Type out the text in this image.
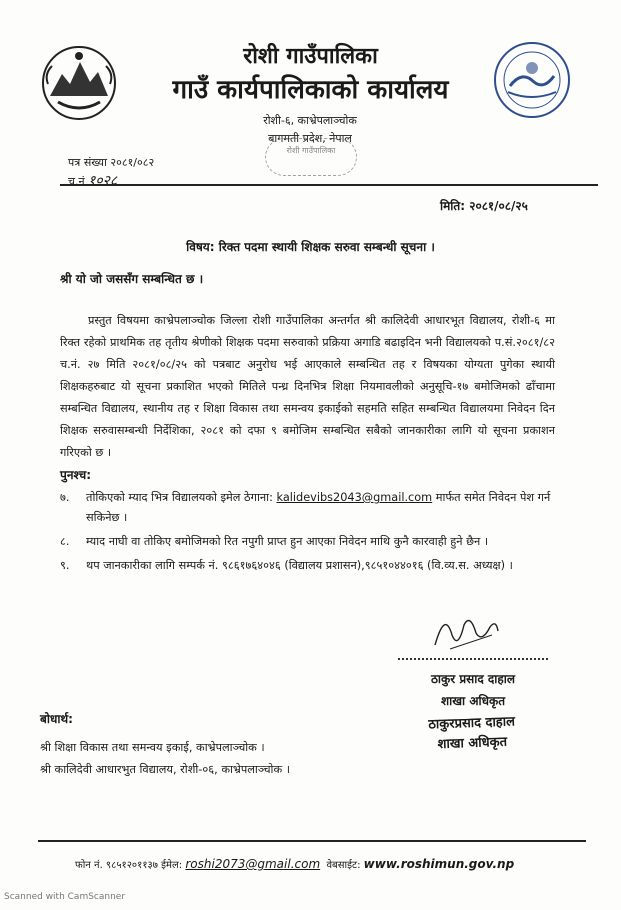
रोशी गाउँपालिका
गाउँ कार्यपालिकाको कार्यालय
रोशी-६, काभ्रेपलाञ्चोक
बागमती प्रदेश, नेपाल
रोशी गाउँपालिका
पत्र संख्या २०८१/०८२
च.नं १०२८
मिति: २०८१/०८/२५
विषय: रिक्त पदमा स्थायी शिक्षक सरुवा सम्बन्धी सूचना ।
श्री यो जो जससँग सम्बन्धित छ ।
प्रस्तुत विषयमा काभ्रेपलाञ्चोक जिल्ला रोशी गाउँपालिका अन्तर्गत श्री कालिदेवी आधारभूत विद्यालय, रोशी-६ मा रिक्त रहेको प्राथमिक तह तृतीय श्रेणीको शिक्षक पदमा सरुवाको प्रक्रिया अगाडि बढाइदिन भनी विद्यालयको प.सं.२०८१/८२ च.नं. २७ मिति २०८१/०८/२५ को पत्रबाट अनुरोध भई आएकाले सम्बन्धित तह र विषयका योग्यता पुगेका स्थायी शिक्षकहरुबाट यो सूचना प्रकाशित भएको मितिले पन्ध्र दिनभित्र शिक्षा नियमावलीको अनुसूचि-१७ बमोजिमको ढाँचामा सम्बन्धित विद्यालय, स्थानीय तह र शिक्षा विकास तथा समन्वय इकाईको सहमति सहित सम्बन्धित विद्यालयमा निवेदन दिन शिक्षक सरुवासम्बन्धी निर्देशिका, २०८१ को दफा ९ बमोजिम सम्बन्धित सबैको जानकारीका लागि यो सूचना प्रकाशन गरिएको छ ।
पुनश्च:
७.	तोकिएको म्याद भित्र विद्यालयको इमेल ठेगाना: kalidevibs2043@gmail.com मार्फत समेत निवेदन पेश गर्न सकिनेछ ।
८.	म्याद नाघी वा तोकिए बमोजिमको रित नपुगी प्राप्त हुन आएका निवेदन माथि कुनै कारवाही हुने छैन ।
९.	थप जानकारीका लागि सम्पर्क नं. ९८६१७६४०४६ (विद्यालय प्रशासन),९८५१०४४०१६ (वि.व्य.स. अध्यक्ष) ।
ठाकुर प्रसाद दाहाल
शाखा अधिकृत
ठाकुरप्रसाद दाहाल
शाखा अधिकृत
बोधार्थ:
श्री शिक्षा विकास तथा समन्वय इकाई, काभ्रेपलाञ्चोक ।
श्री कालिदेवी आधारभुत विद्यालय, रोशी-०६, काभ्रेपलाञ्चोक ।
फोन नं. ९८५१२०११३७ ईमेल: roshi2073@gmail.com वेबसाईट: www.roshimun.gov.np
Scanned with CamScanner
